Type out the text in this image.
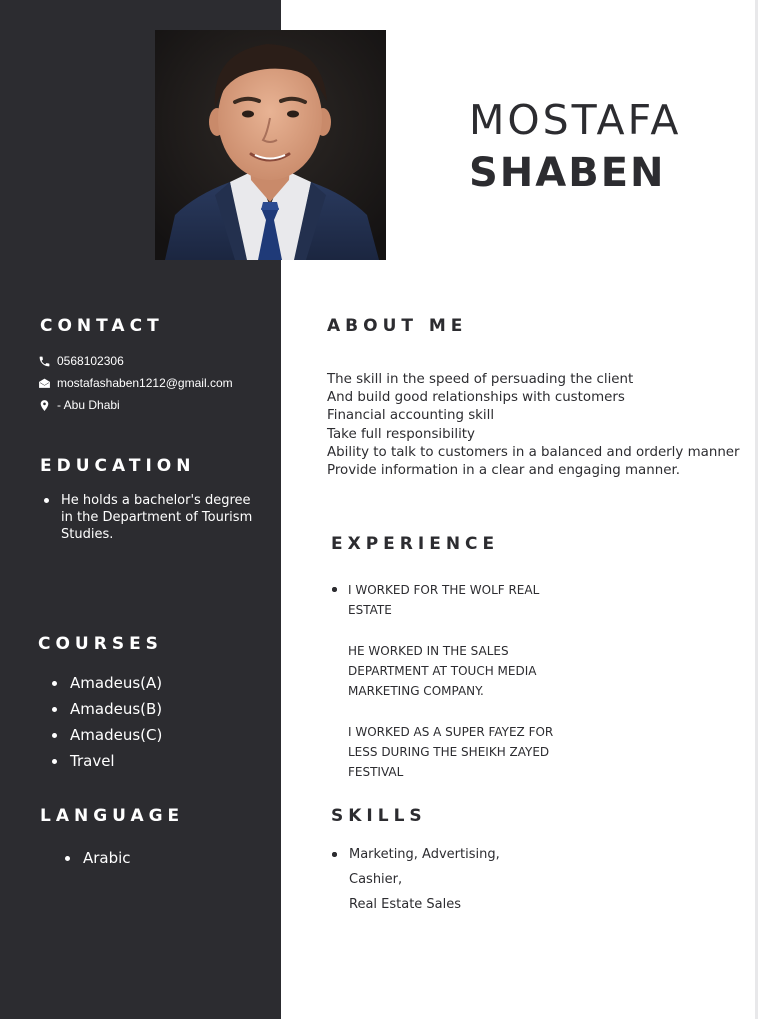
MOSTAFA
SHABEN
CONTACT
0568102306
mostafashaben1212@gmail.com
- Abu Dhabi
EDUCATION
He holds a bachelor's degree in the Department of Tourism Studies.
COURSES
Amadeus(A)
Amadeus(B)
Amadeus(C)
Travel
LANGUAGE
Arabic
ABOUT ME
The skill in the speed of persuading the client
And build good relationships with customers
Financial accounting skill
Take full responsibility
Ability to talk to customers in a balanced and orderly manner
Provide information in a clear and engaging manner.
EXPERIENCE
I WORKED FOR THE WOLF REAL ESTATE
HE WORKED IN THE SALES DEPARTMENT AT TOUCH MEDIA MARKETING COMPANY.
I WORKED AS A SUPER FAYEZ FOR LESS DURING THE SHEIKH ZAYED FESTIVAL
SKILLS
Marketing, Advertising,
Cashier,
Real Estate Sales
